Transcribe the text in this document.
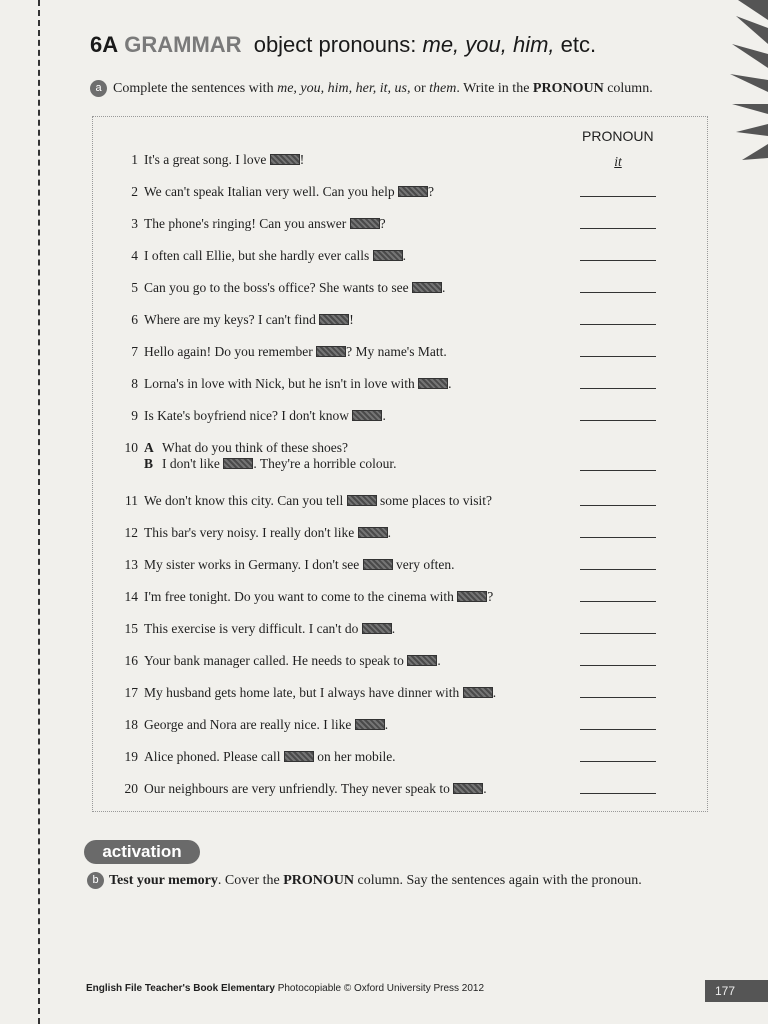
6A GRAMMAR object pronouns: me, you, him, etc.
a Complete the sentences with me, you, him, her, it, us, or them. Write in the PRONOUN column.
PRONOUN
1 It's a great song. I love !	it
2 We can't speak Italian very well. Can you help ?
3 The phone's ringing! Can you answer ?
4 I often call Ellie, but she hardly ever calls .
5 Can you go to the boss's office? She wants to see .
6 Where are my keys? I can't find !
7 Hello again! Do you remember ? My name's Matt.
8 Lorna's in love with Nick, but he isn't in love with .
9 Is Kate's boyfriend nice? I don't know .
10 A What do you think of these shoes?
B I don't like . They're a horrible colour.
11 We don't know this city. Can you tell  some places to visit?
12 This bar's very noisy. I really don't like .
13 My sister works in Germany. I don't see  very often.
14 I'm free tonight. Do you want to come to the cinema with ?
15 This exercise is very difficult. I can't do .
16 Your bank manager called. He needs to speak to .
17 My husband gets home late, but I always have dinner with .
18 George and Nora are really nice. I like .
19 Alice phoned. Please call  on her mobile.
20 Our neighbours are very unfriendly. They never speak to .
activation
b Test your memory. Cover the PRONOUN column. Say the sentences again with the pronoun.
English File Teacher's Book Elementary Photocopiable © Oxford University Press 2012	177
